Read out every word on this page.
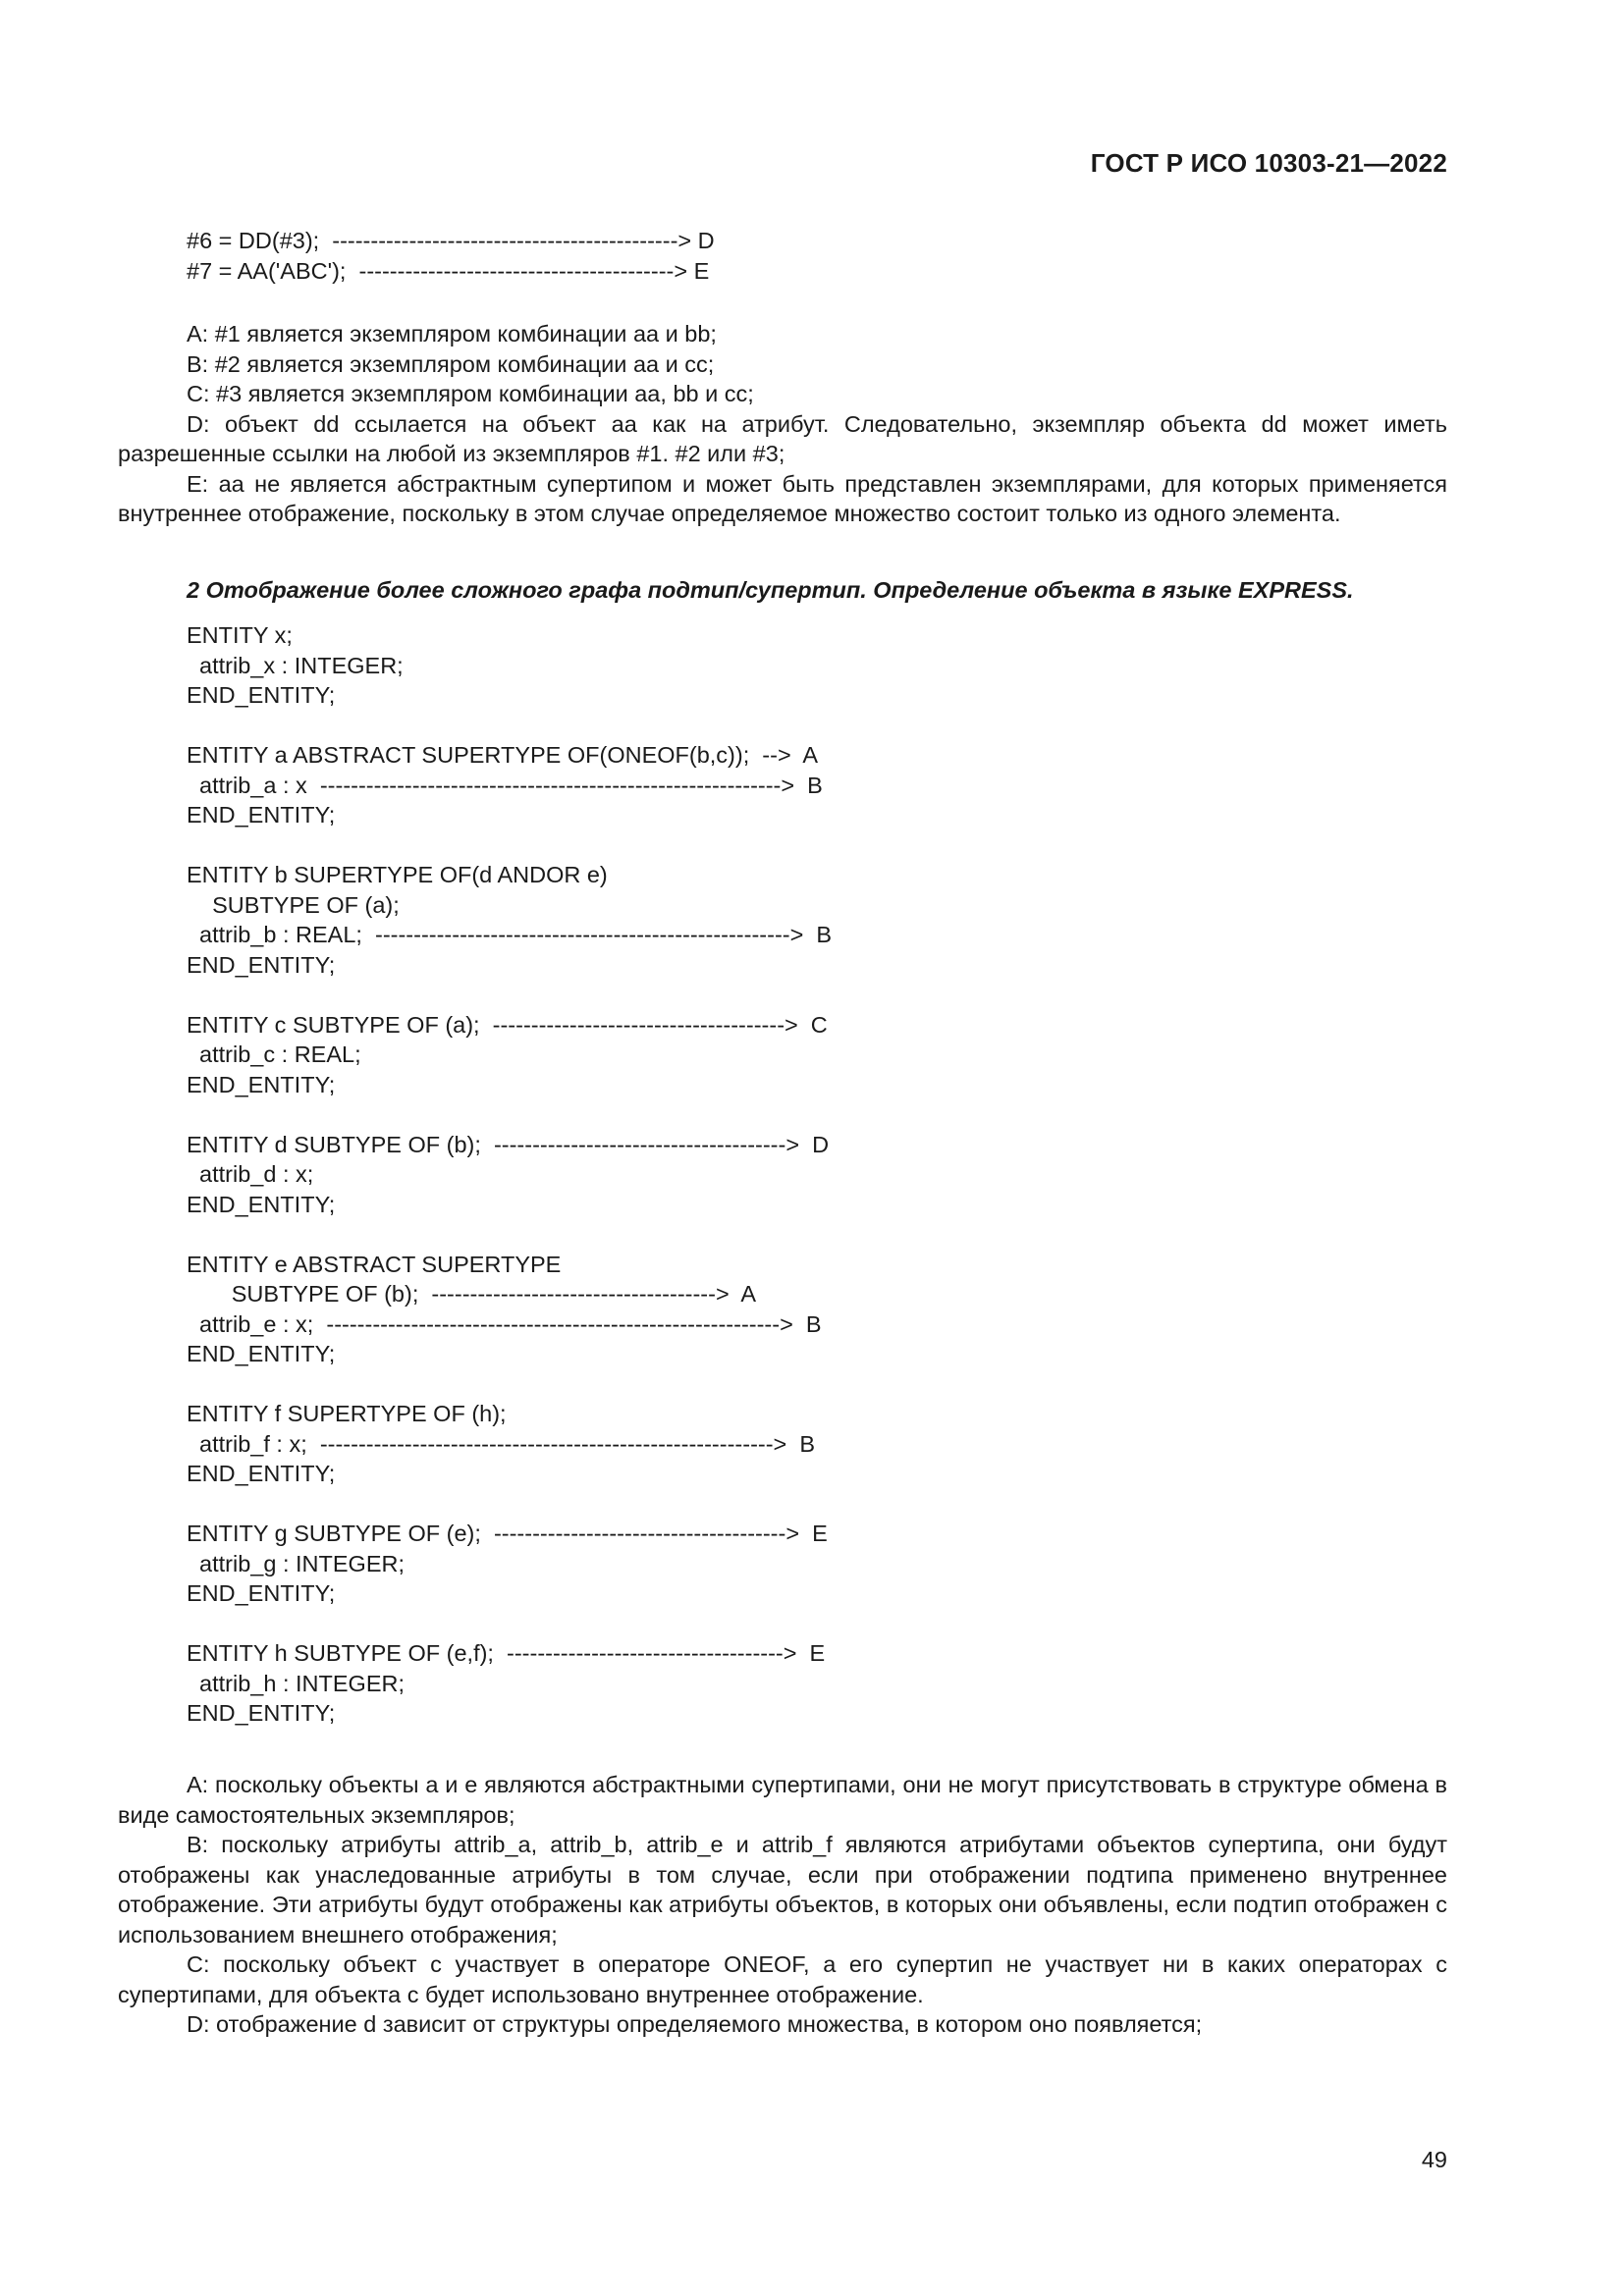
ГОСТ Р ИСО 10303-21—2022
#6 = DD(#3);  ---------------------------------------------> D
#7 = AA('ABC');  -----------------------------------------> E
A: #1 является экземпляром комбинации aa и bb;
B: #2 является экземпляром комбинации aa и cc;
C: #3 является экземпляром комбинации aa, bb и cc;
D: объект dd ссылается на объект aa как на атрибут. Следовательно, экземпляр объекта dd может иметь разрешенные ссылки на любой из экземпляров #1. #2 или #3;
E: aa не является абстрактным супертипом и может быть представлен экземплярами, для которых применяется внутреннее отображение, поскольку в этом случае определяемое множество состоит только из одного элемента.
2 Отображение более сложного графа подтип/супертип. Определение объекта в языке EXPRESS.
ENTITY x;
attrib_x : INTEGER;
END_ENTITY;
ENTITY a ABSTRACT SUPERTYPE OF(ONEOF(b,c));  -->  A
attrib_a : x  ------------------------------------------------------------>  B
END_ENTITY;
ENTITY b SUPERTYPE OF(d ANDOR e)
SUBTYPE OF (a);
attrib_b : REAL;  ------------------------------------------------------>  B
END_ENTITY;
ENTITY c SUBTYPE OF (a);  -------------------------------------->  C
attrib_c : REAL;
END_ENTITY;
ENTITY d SUBTYPE OF (b);  -------------------------------------->  D
attrib_d : x;
END_ENTITY;
ENTITY e ABSTRACT SUPERTYPE
SUBTYPE OF (b);  ------------------------------------->  A
attrib_e : x;  ----------------------------------------------------------->  B
END_ENTITY;
ENTITY f SUPERTYPE OF (h);
attrib_f : x;  ----------------------------------------------------------->  B
END_ENTITY;
ENTITY g SUBTYPE OF (e);  -------------------------------------->  E
attrib_g : INTEGER;
END_ENTITY;
ENTITY h SUBTYPE OF (e,f);  ------------------------------------>  E
attrib_h : INTEGER;
END_ENTITY;
A: поскольку объекты a и e являются абстрактными супертипами, они не могут присутствовать в структуре обмена в виде самостоятельных экземпляров;
B: поскольку атрибуты attrib_a, attrib_b, attrib_e и attrib_f являются атрибутами объектов супертипа, они будут отображены как унаследованные атрибуты в том случае, если при отображении подтипа применено внутреннее отображение. Эти атрибуты будут отображены как атрибуты объектов, в которых они объявлены, если подтип отображен с использованием внешнего отображения;
C: поскольку объект c участвует в операторе ONEOF, а его супертип не участвует ни в каких операторах с супертипами, для объекта c будет использовано внутреннее отображение.
D: отображение d зависит от структуры определяемого множества, в котором оно появляется;
49
